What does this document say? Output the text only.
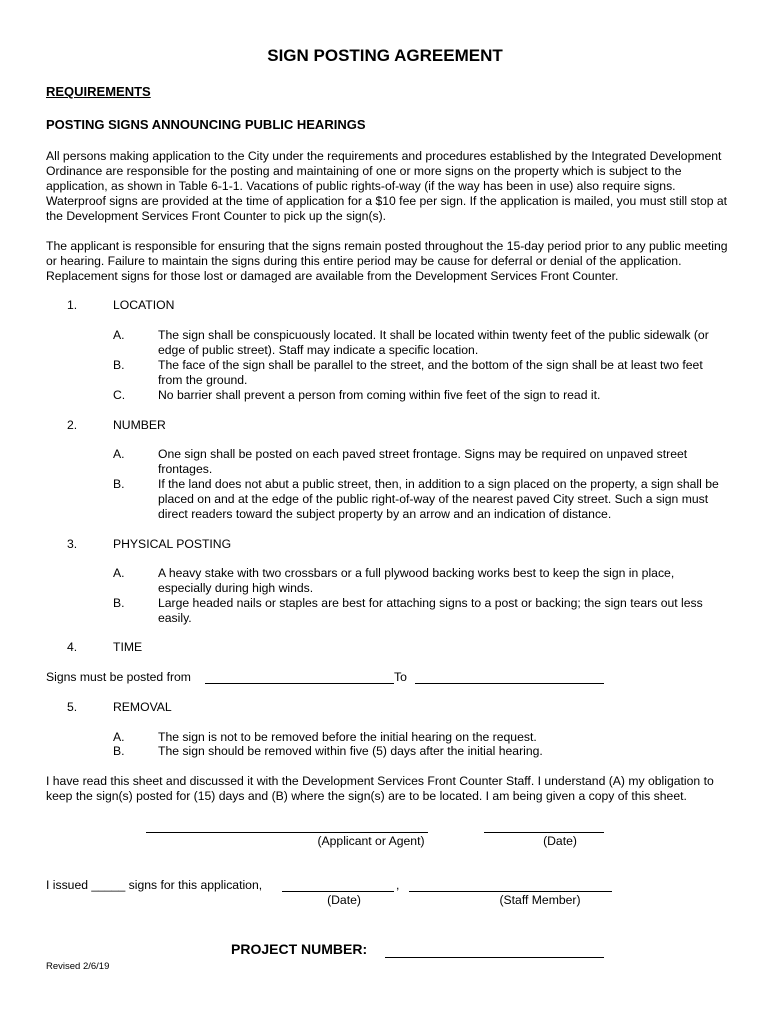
SIGN POSTING AGREEMENT
REQUIREMENTS
POSTING SIGNS ANNOUNCING PUBLIC HEARINGS

All persons making application to the City under the requirements and procedures established by the Integrated Development Ordinance are responsible for the posting and maintaining of one or more signs on the property which is subject to the application, as shown in Table 6-1-1. Vacations of public rights-of-way (if the way has been in use) also require signs. Waterproof signs are provided at the time of application for a $10 fee per sign. If the application is mailed, you must still stop at the Development Services Front Counter to pick up the sign(s).

The applicant is responsible for ensuring that the signs remain posted throughout the 15-day period prior to any public meeting or hearing. Failure to maintain the signs during this entire period may be cause for deferral or denial of the application. Replacement signs for those lost or damaged are available from the Development Services Front Counter.

1.	LOCATION
A.	The sign shall be conspicuously located. It shall be located within twenty feet of the public sidewalk (or edge of public street). Staff may indicate a specific location.
B.	The face of the sign shall be parallel to the street, and the bottom of the sign shall be at least two feet from the ground.
C.	No barrier shall prevent a person from coming within five feet of the sign to read it.
2.	NUMBER
A.	One sign shall be posted on each paved street frontage. Signs may be required on unpaved street frontages.
B.	If the land does not abut a public street, then, in addition to a sign placed on the property, a sign shall be placed on and at the edge of the public right-of-way of the nearest paved City street. Such a sign must direct readers toward the subject property by an arrow and an indication of distance.
3.	PHYSICAL POSTING
A.	A heavy stake with two crossbars or a full plywood backing works best to keep the sign in place, especially during high winds.
B.	Large headed nails or staples are best for attaching signs to a post or backing; the sign tears out less easily.
4.	TIME
Signs must be posted from	To
5.	REMOVAL
A.	The sign is not to be removed before the initial hearing on the request.
B.	The sign should be removed within five (5) days after the initial hearing.

I have read this sheet and discussed it with the Development Services Front Counter Staff. I understand (A) my obligation to keep the sign(s) posted for (15) days and (B) where the sign(s) are to be located. I am being given a copy of this sheet.

(Applicant or Agent)	(Date)
I issued _____ signs for this application,	,
(Date)	(Staff Member)
PROJECT NUMBER:
Revised 2/6/19
